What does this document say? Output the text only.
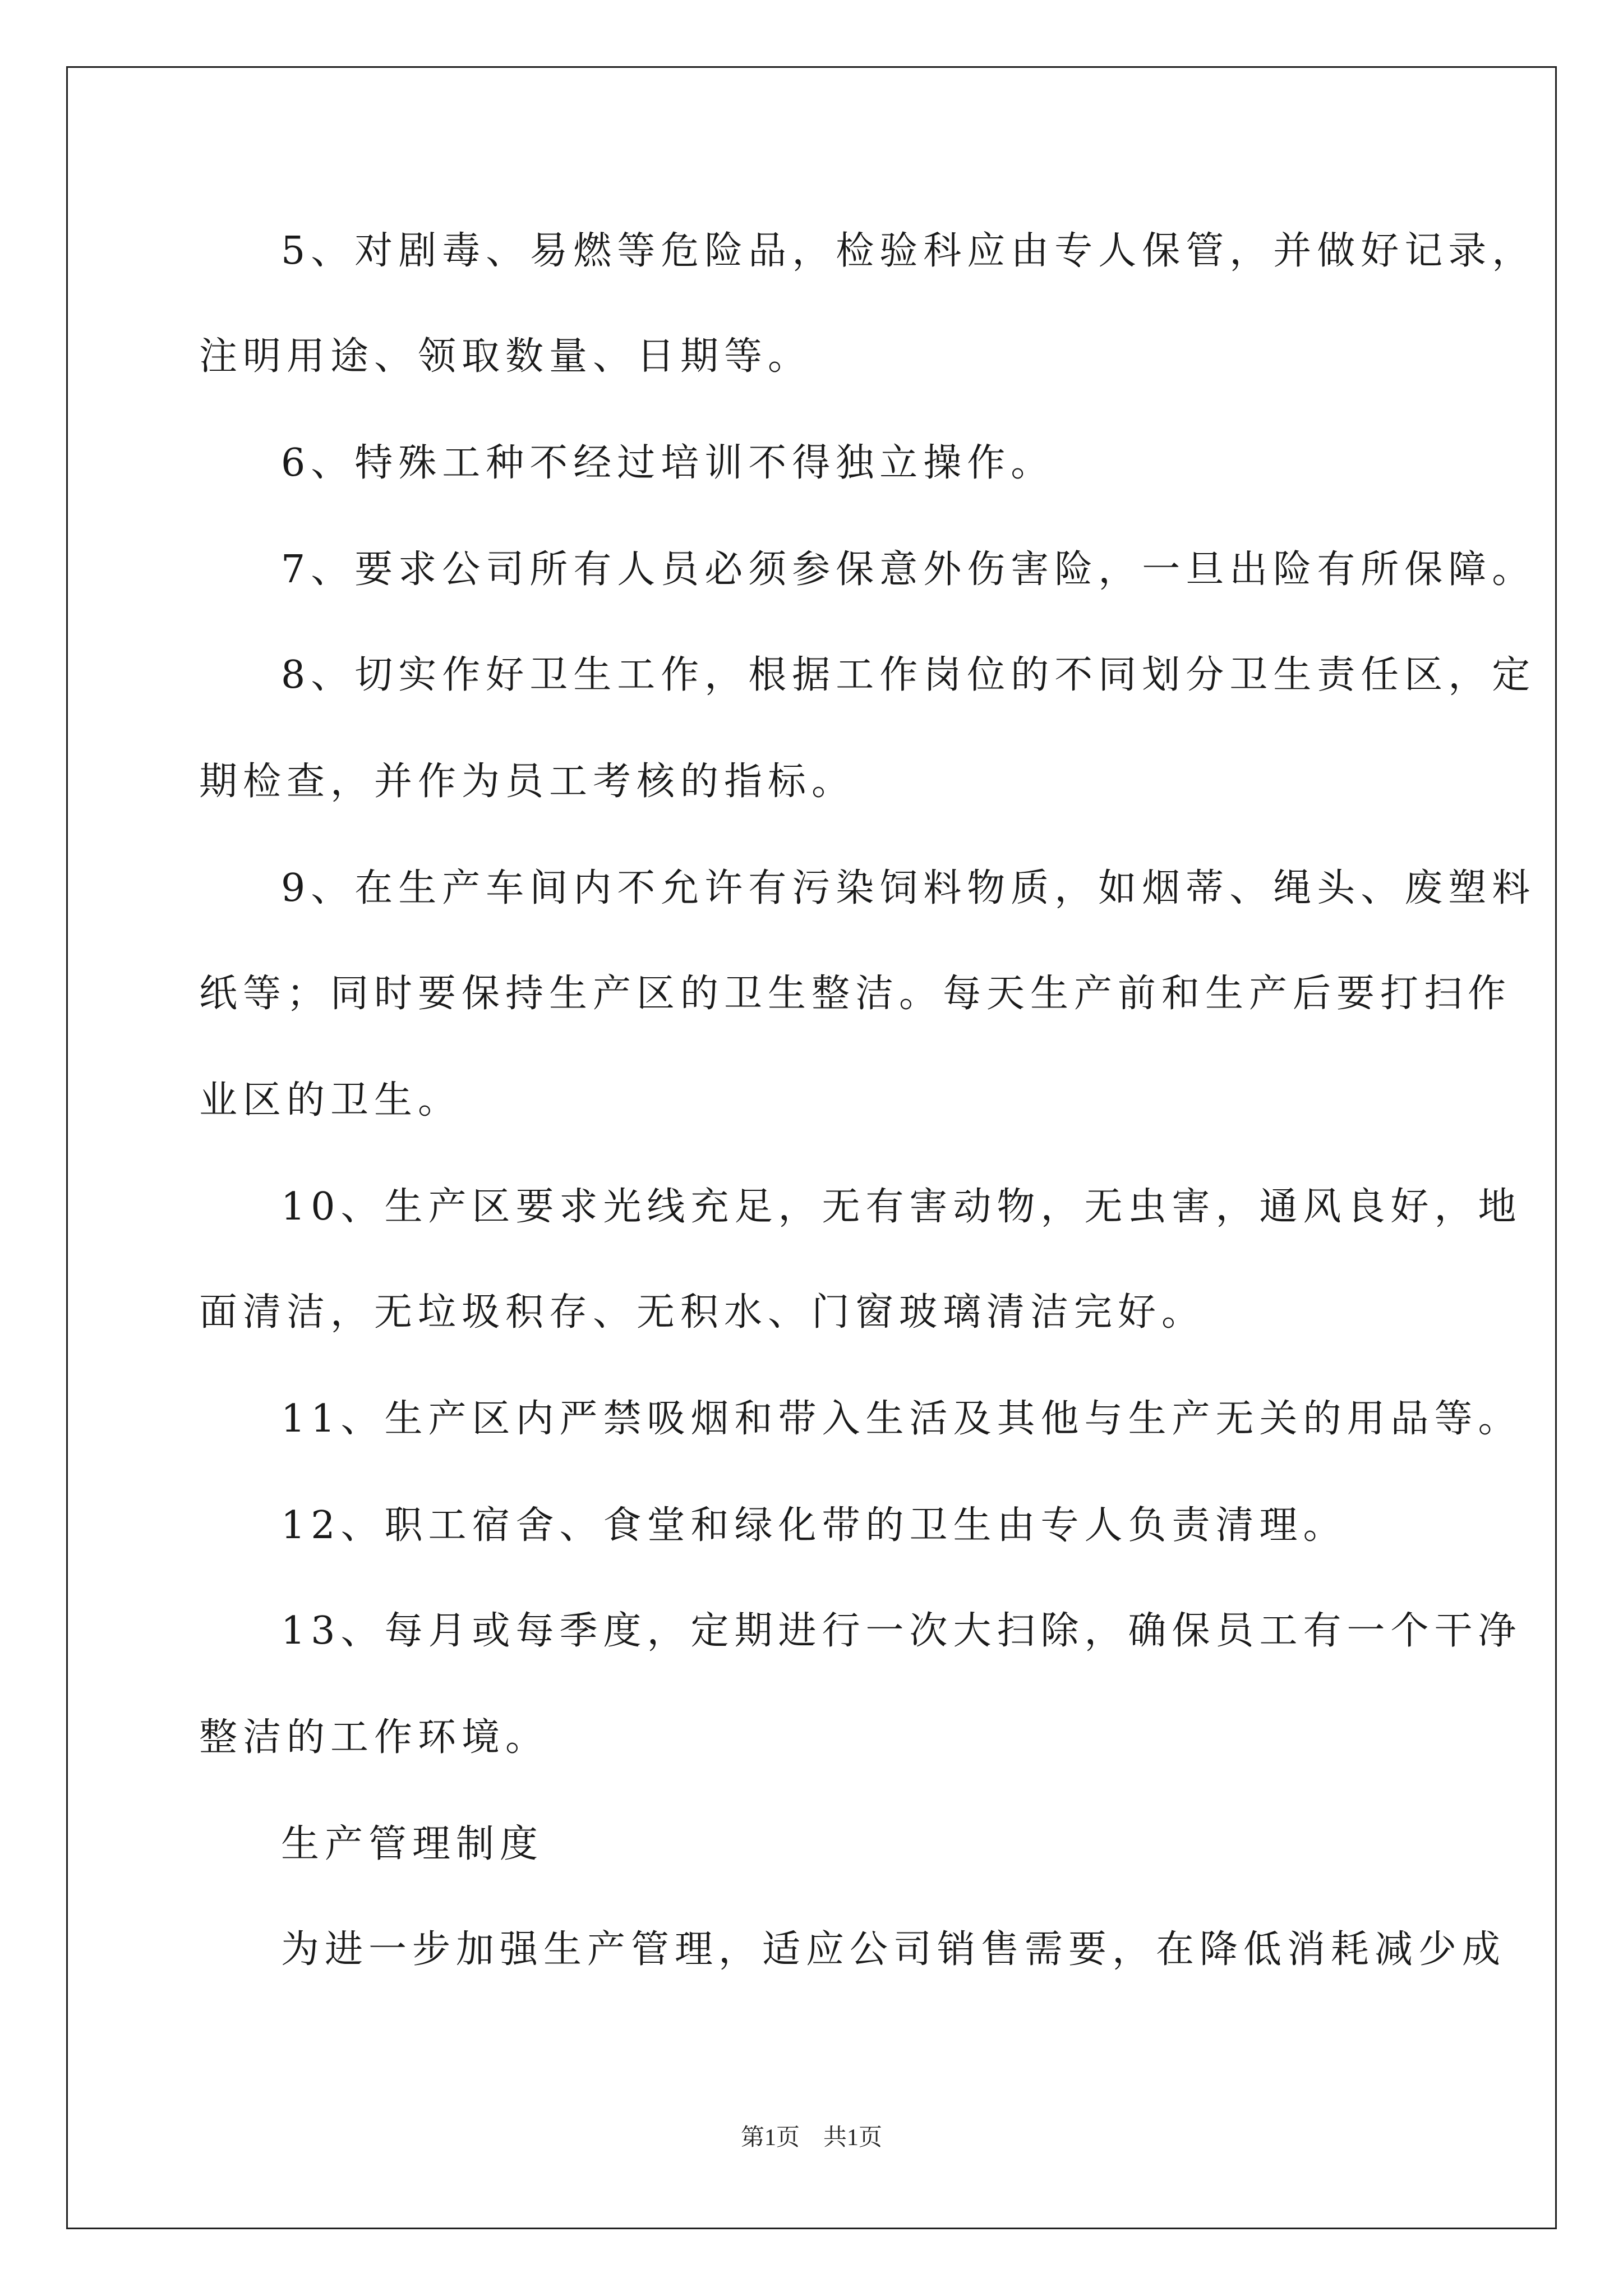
5、对剧毒、易燃等危险品，检验科应由专人保管，并做好记录，
注明用途、领取数量、日期等。
6、特殊工种不经过培训不得独立操作。
7、要求公司所有人员必须参保意外伤害险，一旦出险有所保障。
8、切实作好卫生工作，根据工作岗位的不同划分卫生责任区，定
期检查，并作为员工考核的指标。
9、在生产车间内不允许有污染饲料物质，如烟蒂、绳头、废塑料
纸等；同时要保持生产区的卫生整洁。每天生产前和生产后要打扫作
业区的卫生。
10、生产区要求光线充足，无有害动物，无虫害，通风良好，地
面清洁，无垃圾积存、无积水、门窗玻璃清洁完好。
11、生产区内严禁吸烟和带入生活及其他与生产无关的用品等。
12、职工宿舍、食堂和绿化带的卫生由专人负责清理。
13、每月或每季度，定期进行一次大扫除，确保员工有一个干净
整洁的工作环境。
生产管理制度
为进一步加强生产管理，适应公司销售需要，在降低消耗减少成
第1页　共1页
